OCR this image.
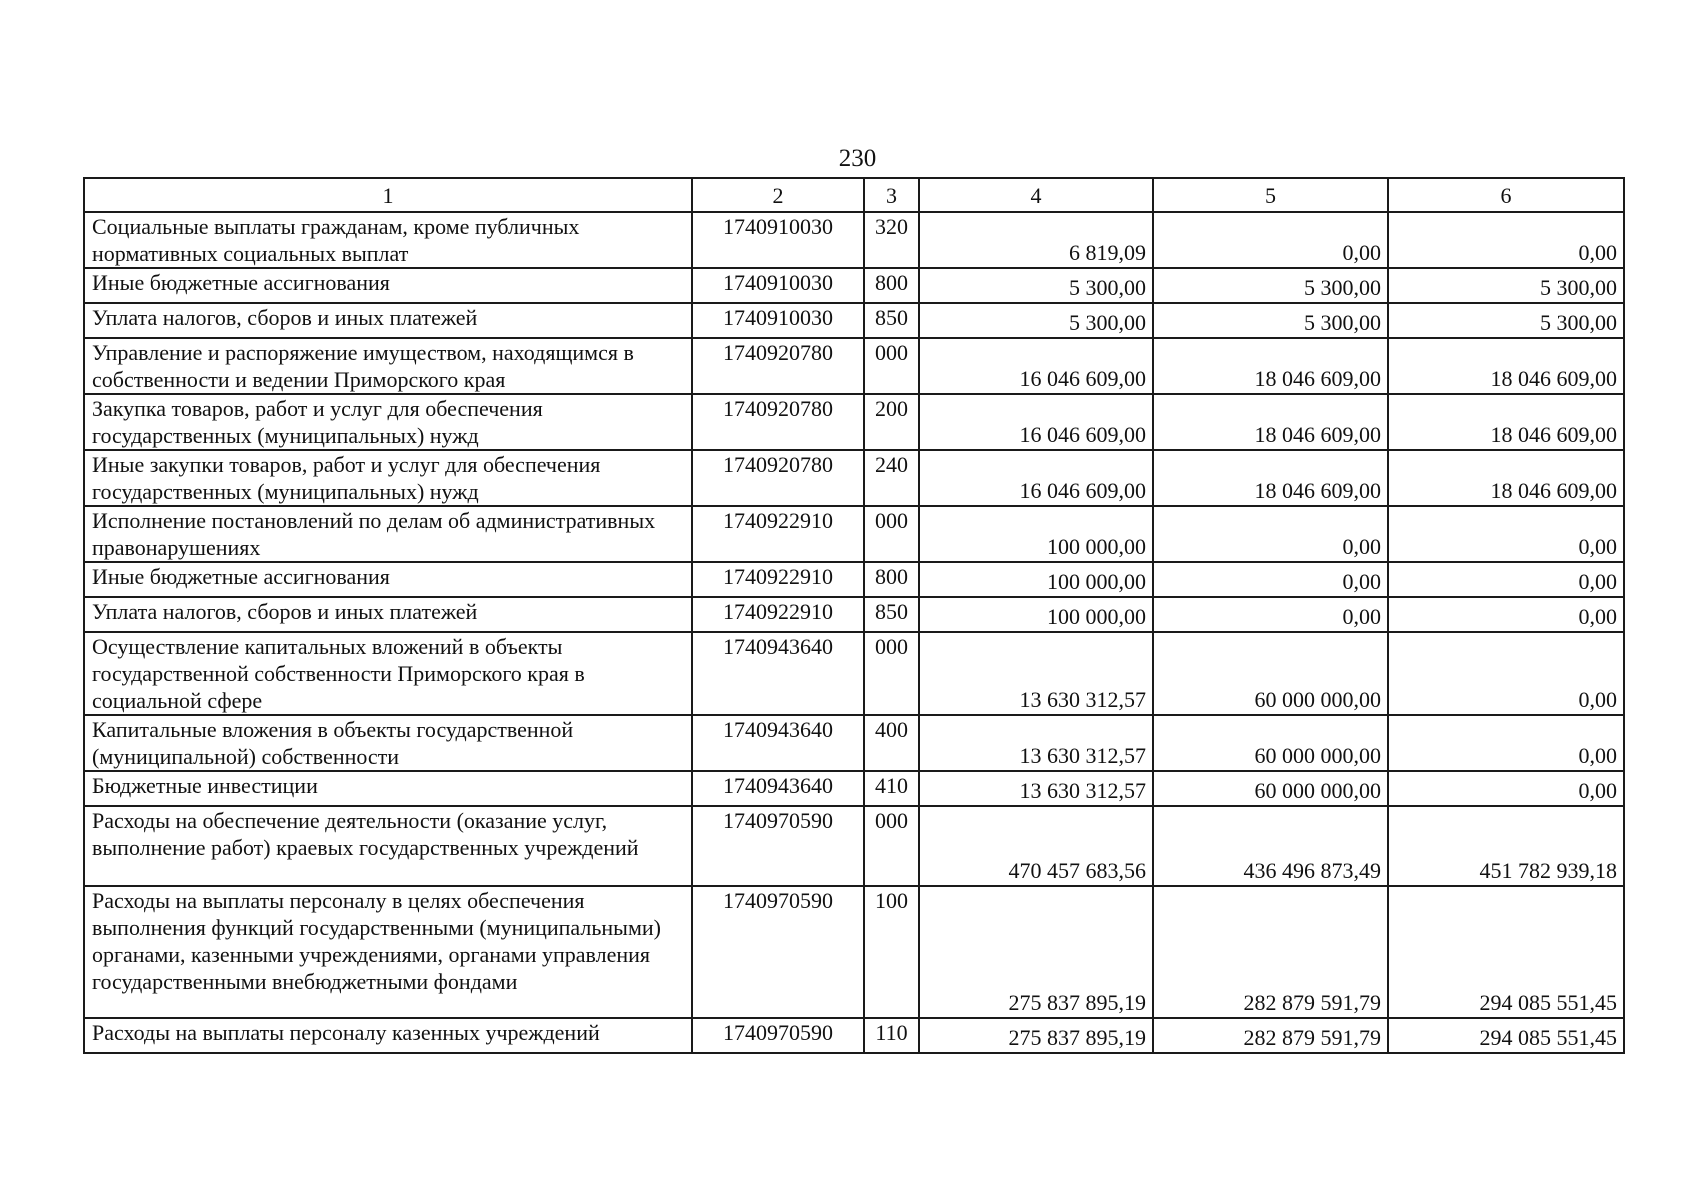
230
1	2	3	4	5	6
Социальные выплаты гражданам, кроме публичных нормативных социальных выплат	1740910030	320	6 819,09	0,00	0,00
Иные бюджетные ассигнования	1740910030	800	5 300,00	5 300,00	5 300,00
Уплата налогов, сборов и иных платежей	1740910030	850	5 300,00	5 300,00	5 300,00
Управление и распоряжение имуществом, находящимся в собственности и ведении Приморского края	1740920780	000	16 046 609,00	18 046 609,00	18 046 609,00
Закупка товаров, работ и услуг для обеспечения государственных (муниципальных) нужд	1740920780	200	16 046 609,00	18 046 609,00	18 046 609,00
Иные закупки товаров, работ и услуг для обеспечения государственных (муниципальных) нужд	1740920780	240	16 046 609,00	18 046 609,00	18 046 609,00
Исполнение постановлений по делам об административных правонарушениях	1740922910	000	100 000,00	0,00	0,00
Иные бюджетные ассигнования	1740922910	800	100 000,00	0,00	0,00
Уплата налогов, сборов и иных платежей	1740922910	850	100 000,00	0,00	0,00
Осуществление капитальных вложений в объекты государственной собственности Приморского края в социальной сфере	1740943640	000	13 630 312,57	60 000 000,00	0,00
Капитальные вложения в объекты государственной (муниципальной) собственности	1740943640	400	13 630 312,57	60 000 000,00	0,00
Бюджетные инвестиции	1740943640	410	13 630 312,57	60 000 000,00	0,00
Расходы на обеспечение деятельности (оказание услуг, выполнение работ) краевых государственных учреждений	1740970590	000	470 457 683,56	436 496 873,49	451 782 939,18
Расходы на выплаты персоналу в целях обеспечения выполнения функций государственными (муниципальными) органами, казенными учреждениями, органами управления государственными внебюджетными фондами	1740970590	100	275 837 895,19	282 879 591,79	294 085 551,45
Расходы на выплаты персоналу казенных учреждений	1740970590	110	275 837 895,19	282 879 591,79	294 085 551,45
